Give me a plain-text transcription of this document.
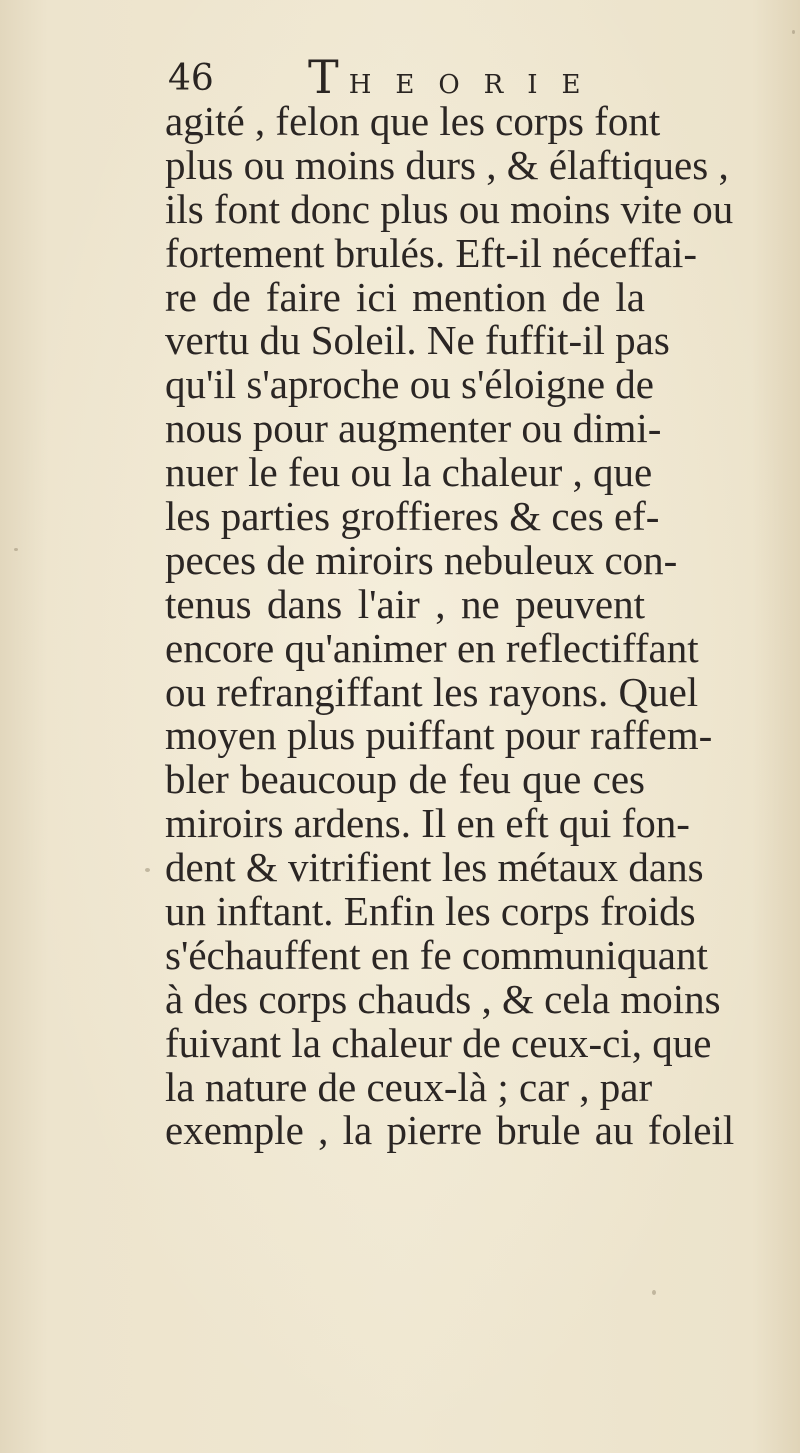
46 THEORIE
agité , felon que les corps font
plus ou moins durs , & élaftiques ,
ils font donc plus ou moins vite ou
fortement brulés. Eft-il néceffai-
re de faire ici mention de la
vertu du Soleil. Ne fuffit-il pas
qu'il s'aproche ou s'éloigne de
nous pour augmenter ou dimi-
nuer le feu ou la chaleur , que
les parties groffieres & ces ef-
peces de miroirs nebuleux con-
tenus dans l'air , ne peuvent
encore qu'animer en reflectiffant
ou refrangiffant les rayons. Quel
moyen plus puiffant pour raffem-
bler beaucoup de feu que ces
miroirs ardens. Il en eft qui fon-
dent & vitrifient les métaux dans
un inftant. Enfin les corps froids
s'échauffent en fe communiquant
à des corps chauds , & cela moins
fuivant la chaleur de ceux-ci, que
la nature de ceux-là ; car , par
exemple , la pierre brule au foleil
